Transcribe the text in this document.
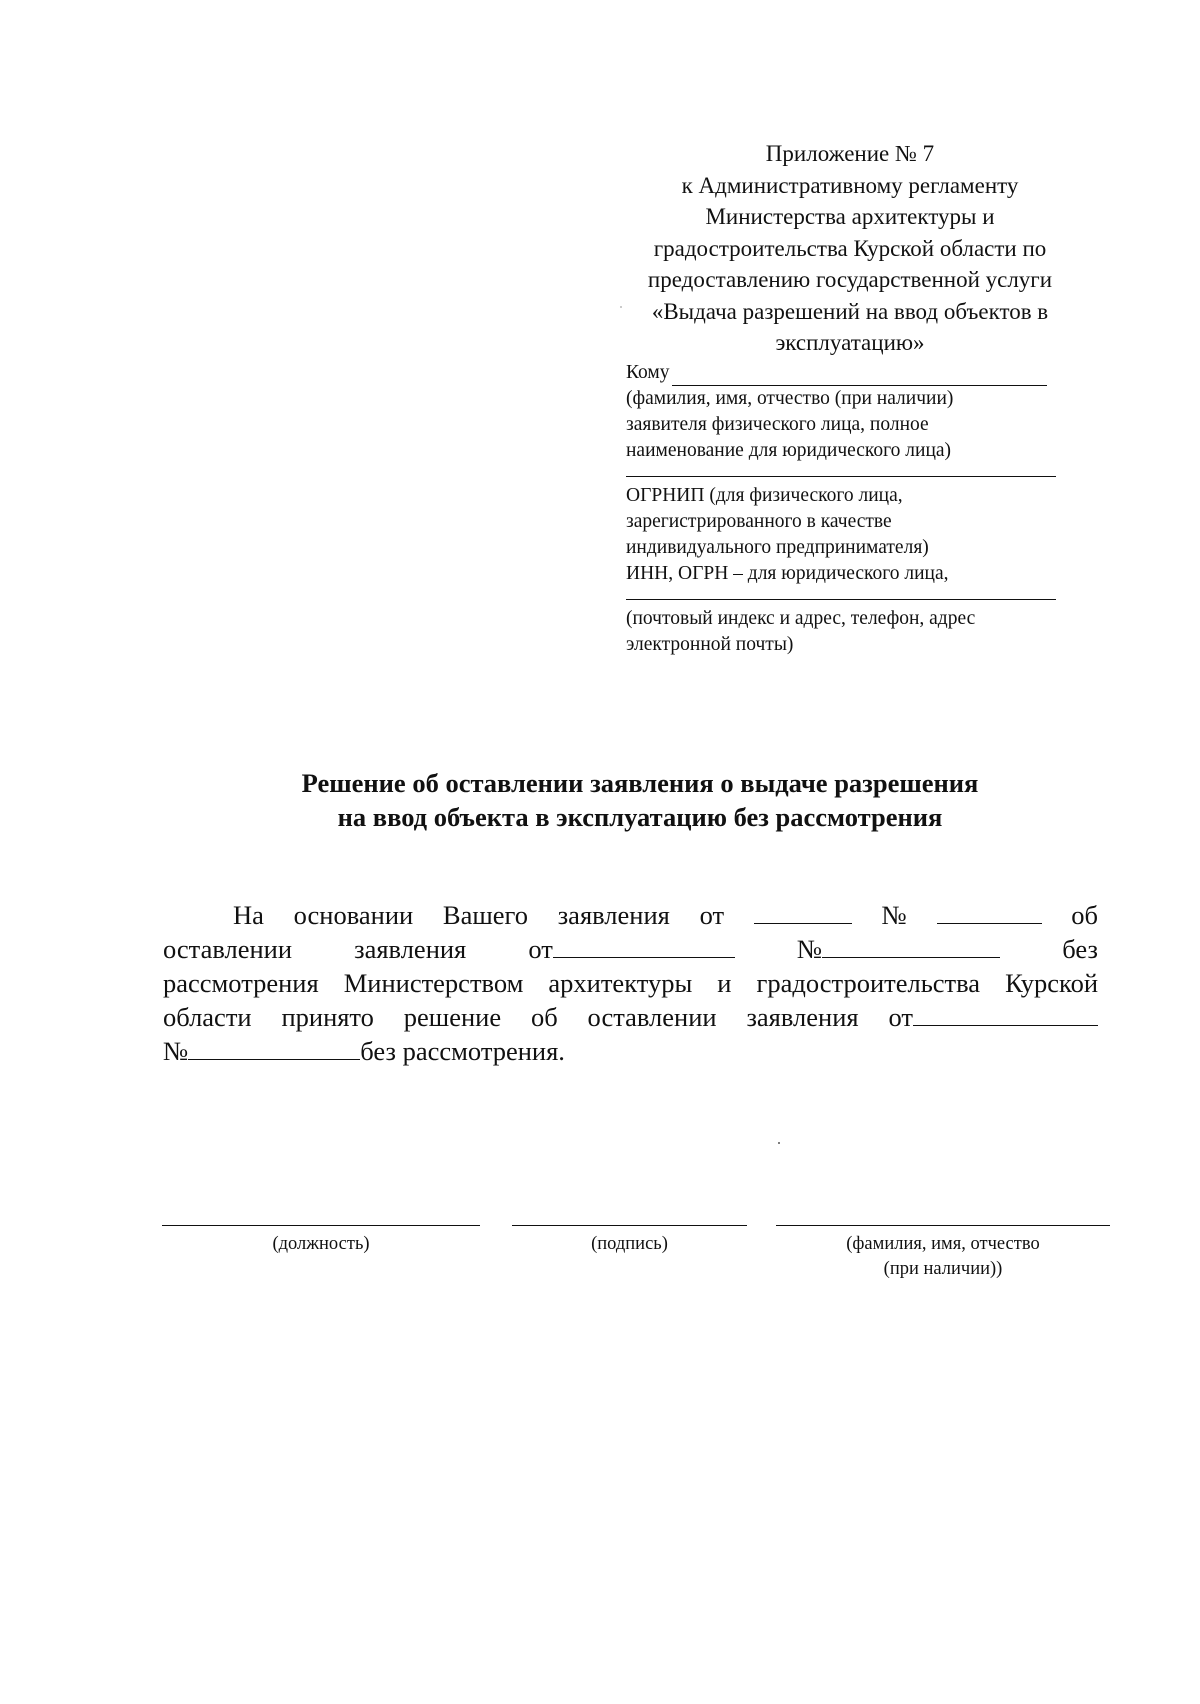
Приложение № 7
к Административному регламенту
Министерства архитектуры и
градостроительства Курской области по
предоставлению государственной услуги
«Выдача разрешений на ввод объектов в
эксплуатацию»
Кому
(фамилия, имя, отчество (при наличии)
заявителя физического лица, полное
наименование для юридического лица)
ОГРНИП (для физического лица,
зарегистрированного в качестве
индивидуального предпринимателя)
ИНН, ОГРН – для юридического лица,
(почтовый индекс и адрес, телефон, адрес
электронной почты)
Решение об оставлении заявления о выдаче разрешения
на ввод объекта в эксплуатацию без рассмотрения
На основании Вашего заявления от	№	об
оставлении заявления от	№	без
рассмотрения Министерством архитектуры и градостроительства Курской
области принято решение об оставлении заявления от
№	без рассмотрения.
(должность)	(подпись)	(фамилия, имя, отчество
(при наличии))
